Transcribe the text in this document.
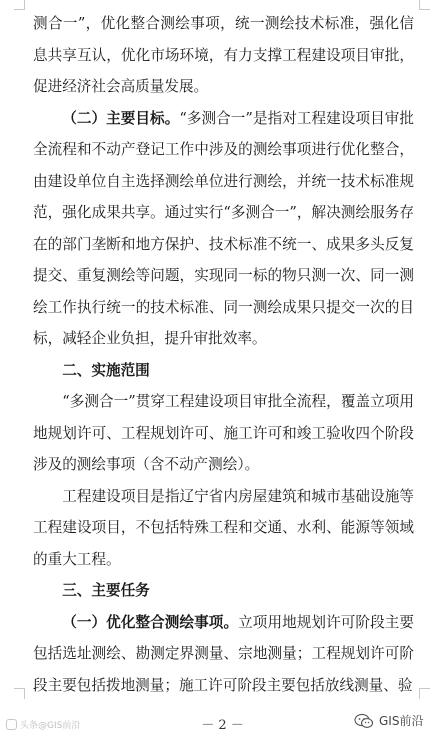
测合一”，优化整合测绘事项，统一测绘技术标准，强化信息共享互认，优化市场环境，有力支撑工程建设项目审批，促进经济社会高质量发展。

（二）主要目标。“多测合一”是指对工程建设项目审批全流程和不动产登记工作中涉及的测绘事项进行优化整合，由建设单位自主选择测绘单位进行测绘，并统一技术标准规范，强化成果共享。通过实行“多测合一”，解决测绘服务存在的部门垄断和地方保护、技术标准不统一、成果多头反复提交、重复测绘等问题，实现同一标的物只测一次、同一测绘工作执行统一的技术标准、同一测绘成果只提交一次的目标，减轻企业负担，提升审批效率。

二、实施范围

“多测合一”贯穿工程建设项目审批全流程，覆盖立项用地规划许可、工程规划许可、施工许可和竣工验收四个阶段涉及的测绘事项（含不动产测绘）。

工程建设项目是指辽宁省内房屋建筑和城市基础设施等工程建设项目，不包括特殊工程和交通、水利、能源等领域的重大工程。

三、主要任务

（一）优化整合测绘事项。立项用地规划许可阶段主要包括选址测绘、勘测定界测量、宗地测量；工程规划许可阶段主要包括拨地测量；施工许可阶段主要包括放线测量、验

－ 2 －
头条@GIS前沿	GIS前沿
